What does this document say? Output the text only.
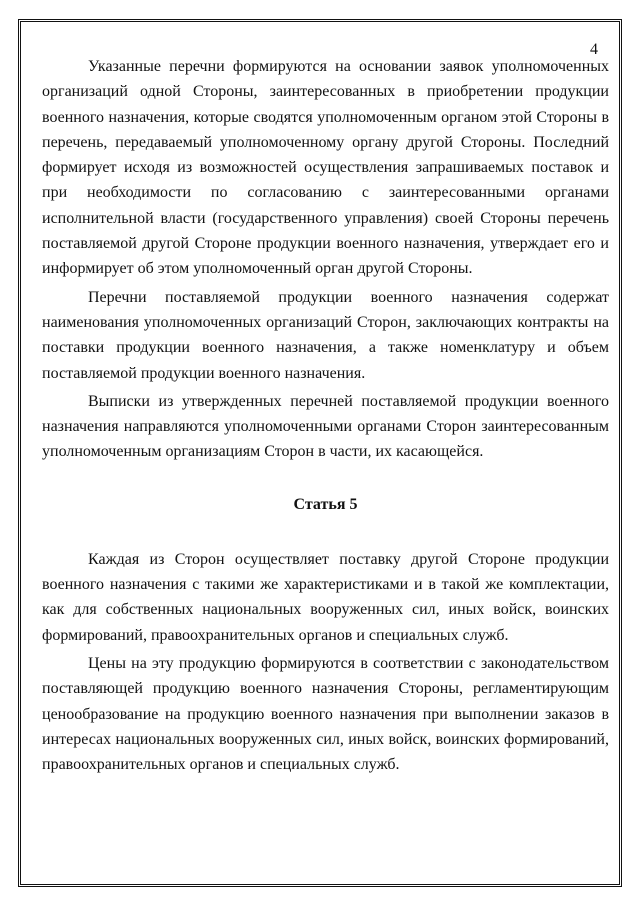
4

Указанные перечни формируются на основании заявок уполномоченных организаций одной Стороны, заинтересованных в приобретении продукции военного назначения, которые сводятся уполномоченным органом этой Стороны в перечень, передаваемый уполномоченному органу другой Стороны. Последний формирует исходя из возможностей осуществления запрашиваемых поставок и при необходимости по согласованию с заинтересованными органами исполнительной власти (государственного управления) своей Стороны перечень поставляемой другой Стороне продукции военного назначения, утверждает его и информирует об этом уполномоченный орган другой Стороны.

Перечни поставляемой продукции военного назначения содержат наименования уполномоченных организаций Сторон, заключающих контракты на поставки продукции военного назначения, а также номенклатуру и объем поставляемой продукции военного назначения.

Выписки из утвержденных перечней поставляемой продукции военного назначения направляются уполномоченными органами Сторон заинтересованным уполномоченным организациям Сторон в части, их касающейся.

Статья 5

Каждая из Сторон осуществляет поставку другой Стороне продукции военного назначения с такими же характеристиками и в такой же комплектации, как для собственных национальных вооруженных сил, иных войск, воинских формирований, правоохранительных органов и специальных служб.

Цены на эту продукцию формируются в соответствии с законодательством поставляющей продукцию военного назначения Стороны, регламентирующим ценообразование на продукцию военного назначения при выполнении заказов в интересах национальных вооруженных сил, иных войск, воинских формирований, правоохранительных органов и специальных служб.
